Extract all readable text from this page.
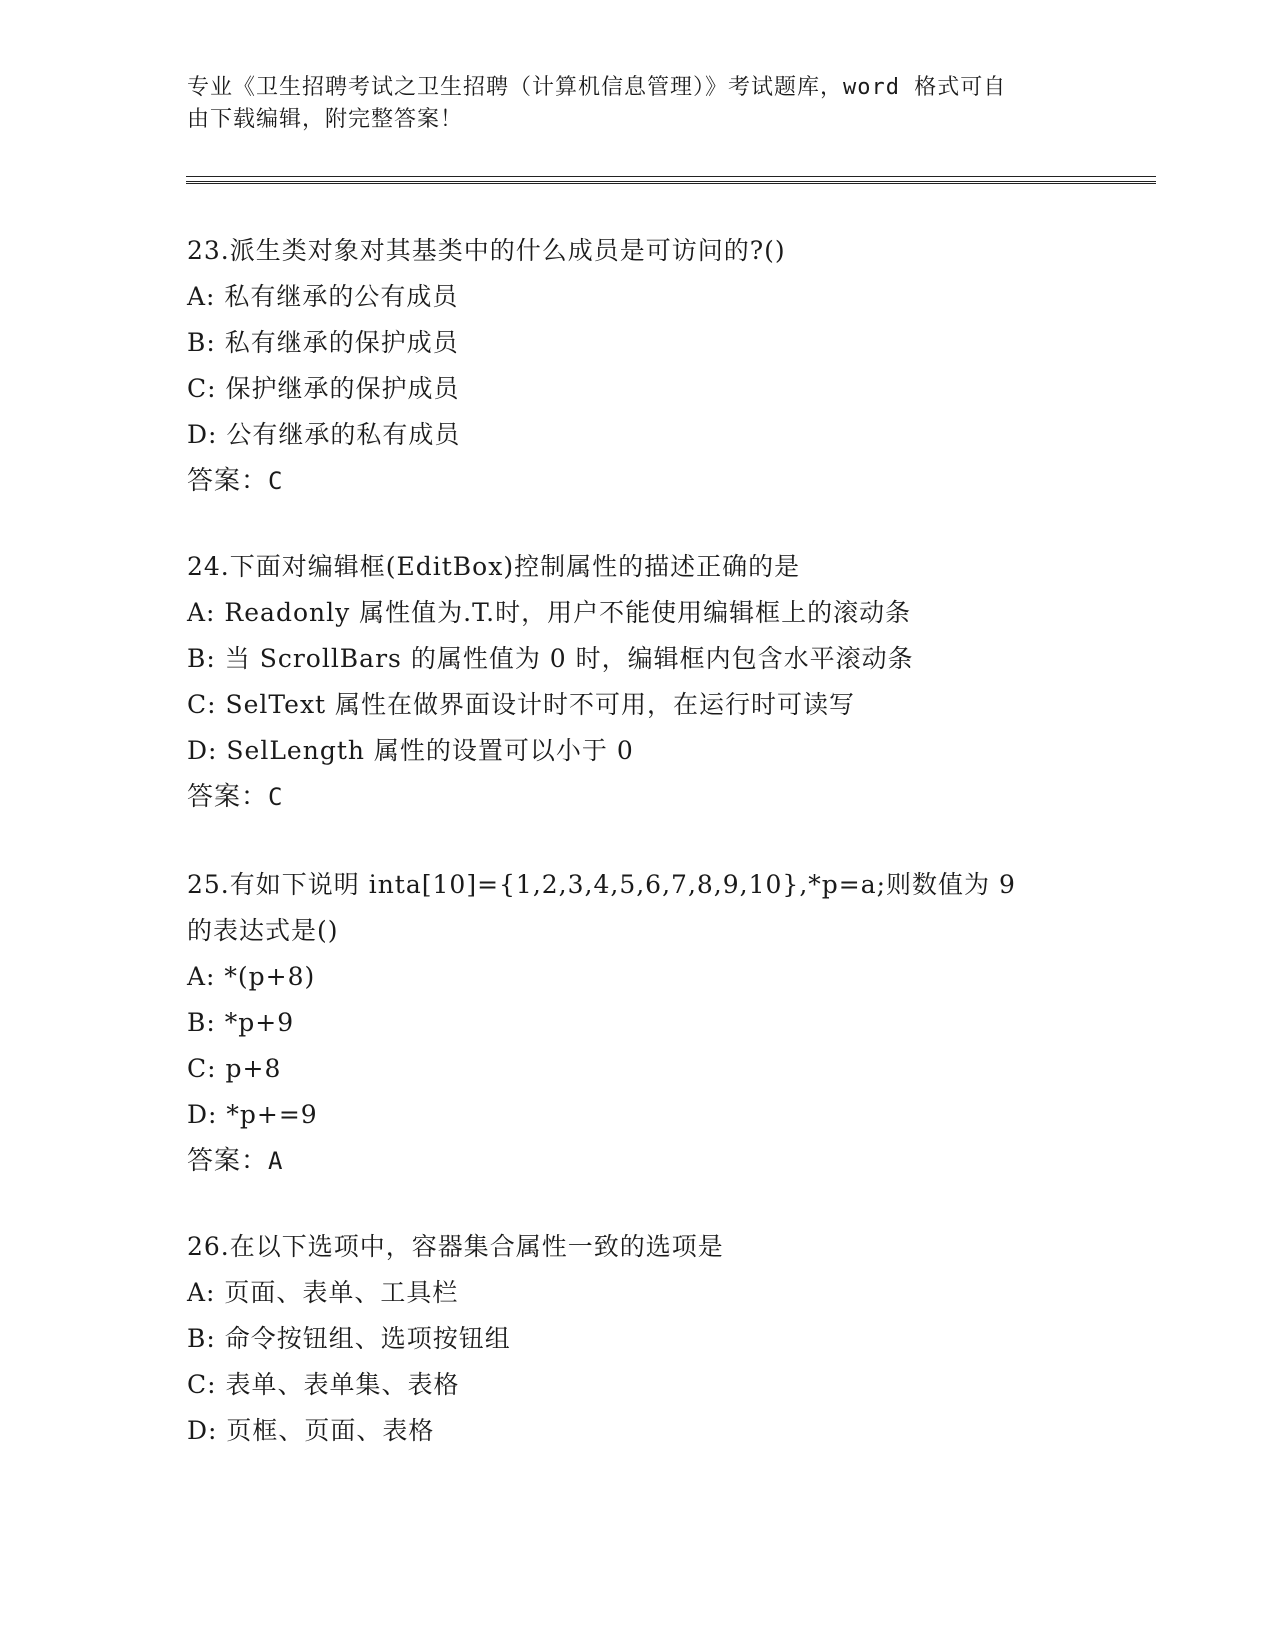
专业《卫生招聘考试之卫生招聘（计算机信息管理）》考试题库，word 格式可自
由下载编辑，附完整答案！
23.派生类对象对其基类中的什么成员是可访问的?()
A: 私有继承的公有成员
B: 私有继承的保护成员
C: 保护继承的保护成员
D: 公有继承的私有成员
答案：C
24.下面对编辑框(EditBox)控制属性的描述正确的是
A: Readonly 属性值为.T.时，用户不能使用编辑框上的滚动条
B: 当 ScrollBars 的属性值为 0 时，编辑框内包含水平滚动条
C: SelText 属性在做界面设计时不可用，在运行时可读写
D: SelLength 属性的设置可以小于 0
答案：C
25.有如下说明 inta[10]={1,2,3,4,5,6,7,8,9,10},*p=a;则数值为 9
的表达式是()
A: *(p+8)
B: *p+9
C: p+8
D: *p+=9
答案：A
26.在以下选项中，容器集合属性一致的选项是
A: 页面、表单、工具栏
B: 命令按钮组、选项按钮组
C: 表单、表单集、表格
D: 页框、页面、表格
